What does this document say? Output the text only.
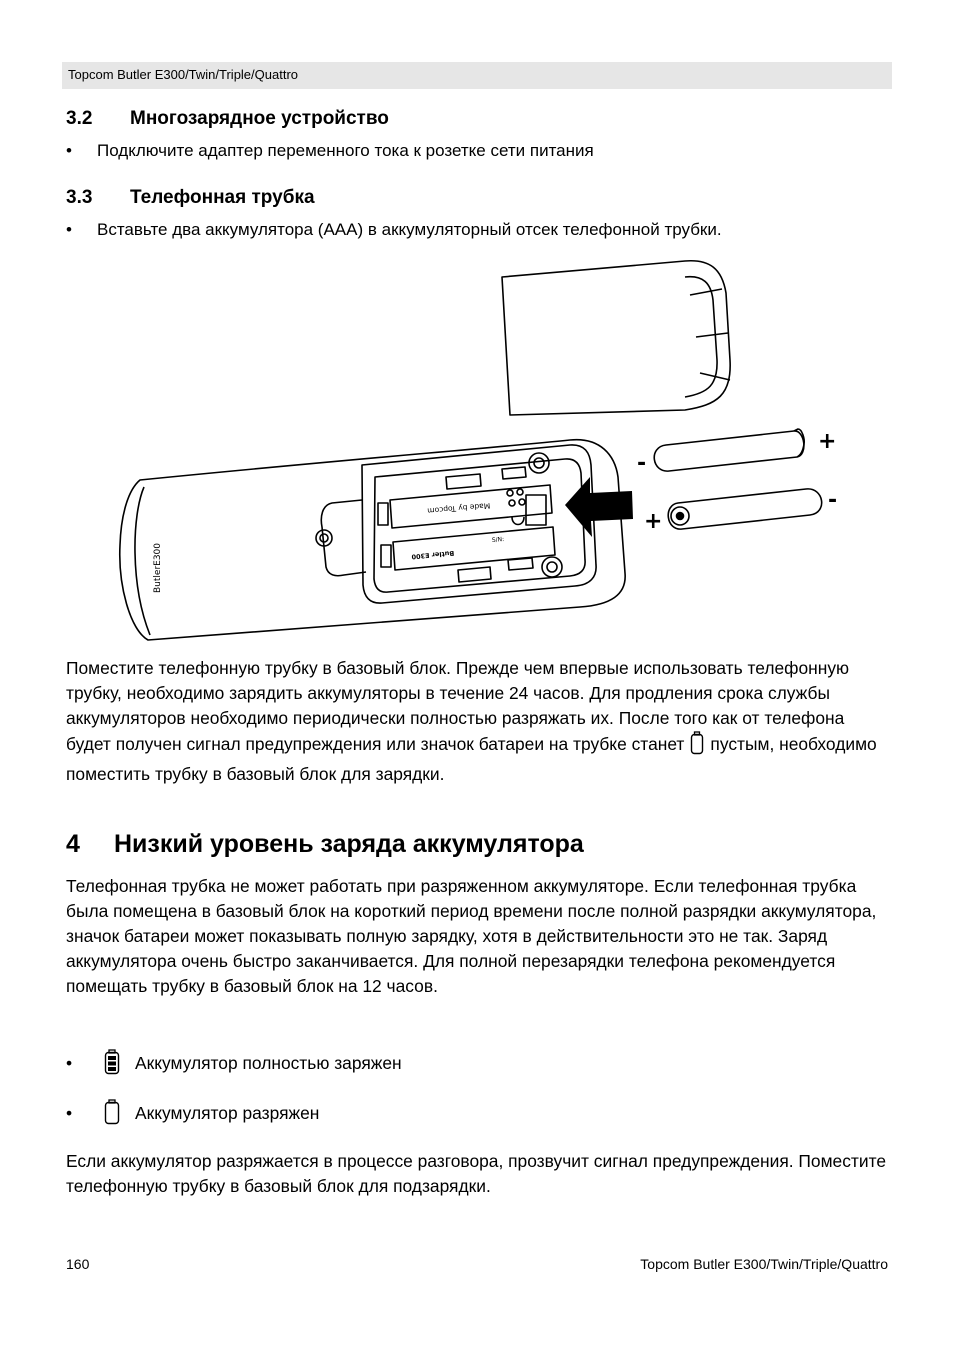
Topcom Butler E300/Twin/Triple/Quattro
3.2 Многозарядное устройство
• Подключите адаптер переменного тока к розетке сети питания
3.3 Телефонная трубка
• Вставьте два аккумулятора (AAA) в аккумуляторный отсек телефонной трубки.
+
-
+
-
ButlerE300
Made by Topcom
S/N:
Butler E300

Поместите телефонную трубку в базовый блок. Прежде чем впервые использовать телефонную трубку, необходимо зарядить аккумуляторы в течение 24 часов. Для продления срока службы аккумуляторов необходимо периодически полностью разряжать их. После того как от телефона будет получен сигнал предупреждения или значок батареи на трубке станет пустым, необходимо поместить трубку в базовый блок для зарядки.

4 Низкий уровень заряда аккумулятора

Телефонная трубка не может работать при разряженном аккумуляторе. Если телефонная трубка была помещена в базовый блок на короткий период времени после полной разрядки аккумулятора, значок батареи может показывать полную зарядку, хотя в действительности это не так. Заряд аккумулятора очень быстро заканчивается. Для полной перезарядки телефона рекомендуется помещать трубку в базовый блок на 12 часов.

•	Аккумулятор полностью заряжен
•	Аккумулятор разряжен

Если аккумулятор разряжается в процессе разговора, прозвучит сигнал предупреждения. Поместите телефонную трубку в базовый блок для подзарядки.

160	Topcom Butler E300/Twin/Triple/Quattro
